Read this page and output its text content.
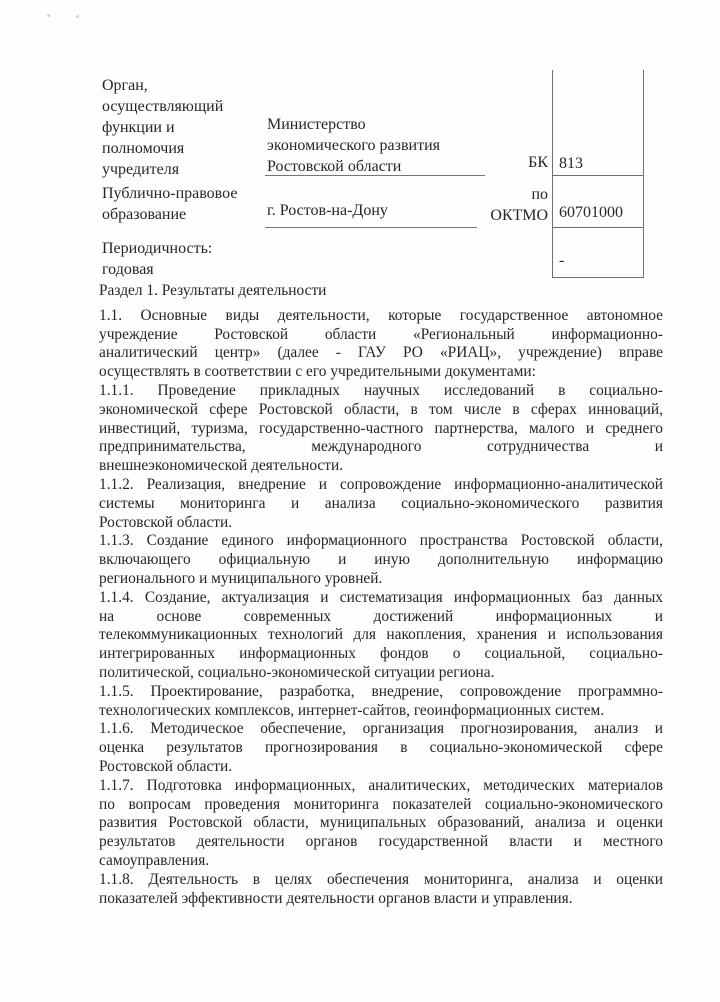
Орган,
осуществляющий
функции и
полномочия
учредителя
Министерство
экономического развития
Ростовской области	БК
Публично-правовое
образование	г. Ростов-на-Дону
по
ОКТМО
Периодичность:
годовая
813
60701000
-
Раздел 1. Результаты деятельности
1.1. Основные виды деятельности, которые государственное автономное
учреждение Ростовской области «Региональный информационно-
аналитический центр» (далее - ГАУ РО «РИАЦ», учреждение) вправе
осуществлять в соответствии с его учредительными документами:
1.1.1. Проведение прикладных научных исследований в социально-
экономической сфере Ростовской области, в том числе в сферах инноваций,
инвестиций, туризма, государственно-частного партнерства, малого и среднего
предпринимательства, международного сотрудничества и
внешнеэкономической деятельности.
1.1.2. Реализация, внедрение и сопровождение информационно-аналитической
системы мониторинга и анализа социально-экономического развития
Ростовской области.
1.1.3. Создание единого информационного пространства Ростовской области,
включающего официальную и иную дополнительную информацию
регионального и муниципального уровней.
1.1.4. Создание, актуализация и систематизация информационных баз данных
на основе современных достижений информационных и
телекоммуникационных технологий для накопления, хранения и использования
интегрированных информационных фондов о социальной, социально-
политической, социально-экономической ситуации региона.
1.1.5. Проектирование, разработка, внедрение, сопровождение программно-
технологических комплексов, интернет-сайтов, геоинформационных систем.
1.1.6. Методическое обеспечение, организация прогнозирования, анализ и
оценка результатов прогнозирования в социально-экономической сфере
Ростовской области.
1.1.7. Подготовка информационных, аналитических, методических материалов
по вопросам проведения мониторинга показателей социально-экономического
развития Ростовской области, муниципальных образований, анализа и оценки
результатов деятельности органов государственной власти и местного
самоуправления.
1.1.8. Деятельность в целях обеспечения мониторинга, анализа и оценки
показателей эффективности деятельности органов власти и управления.
